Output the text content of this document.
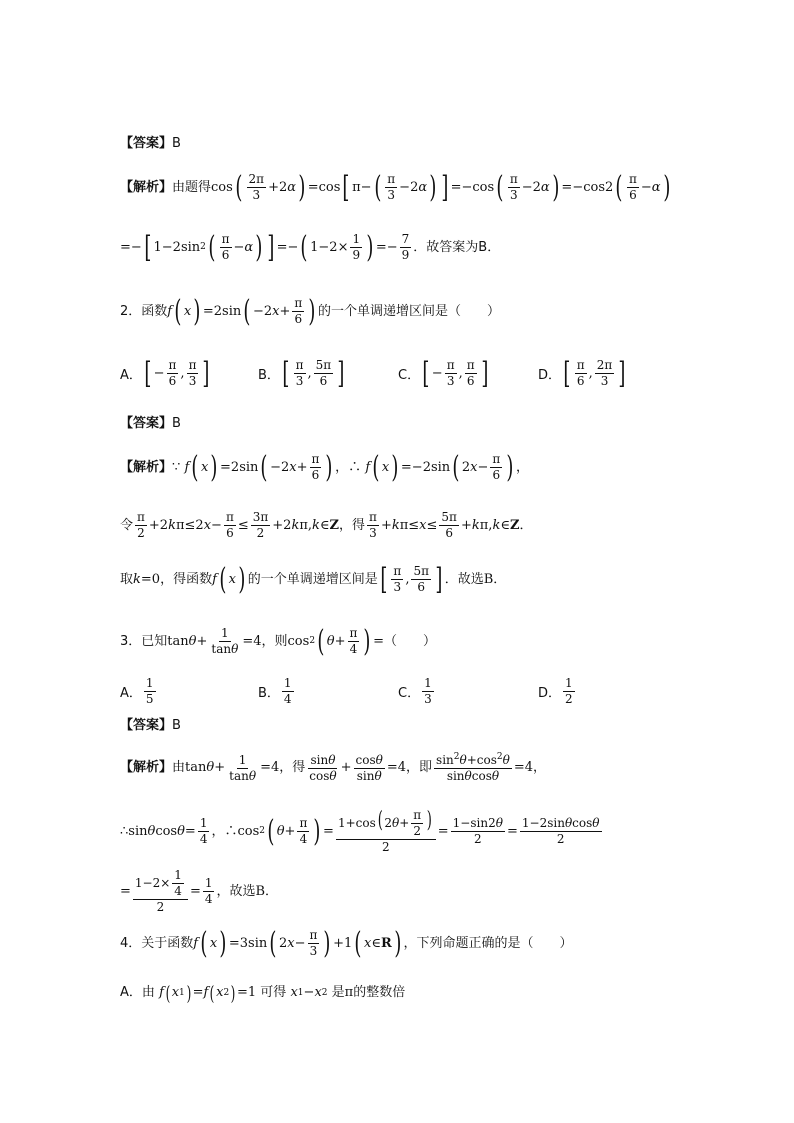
【答案】 B
【解析】 由题得 cos ( $\frac{2\pi}{3} +2$ α ) =cos [ π− ( $\frac{\pi}{3} -2$ α ) ] =−cos ( $\frac{\pi}{3} -2$ α ) =−cos2 ( $\frac{\pi}{6} - \alpha$ )
=− [ 1−2sin 2 ( $\frac{\pi}{6} - \alpha$ ) ] =− ( $1-2\times \frac{1}{9}$ ) =− $\frac{7}{9}$ ．故答案为 B．
2． 函数 f ( x ) =2sin ( −2 $x + \frac{\pi}{6}$ ) 的一个单调递增区间是（　　）
A． [ − $\frac{\pi}{6}$ , $\frac{\pi}{3}$ ]	B． [ $\frac{\pi}{3}$ , $\frac{5\pi}{6}$ ]	C． [ − $\frac{\pi}{3}$ , $\frac{\pi}{6}$ ]	D． [ $\frac{\pi}{6}$ , $\frac{2\pi}{3}$ ]
【答案】 B
【解析】 ∵
f ( x ) =2sin ( −2 $x + \frac{\pi}{6}$ ) ，∴
f ( x ) =−2sin ( 2 $x - \frac{\pi}{6}$ ) ，
令 $\frac{\pi}{2} +2$ k π≤2 $x - \frac{\pi}{6} \le \frac{3\pi}{2} +2$ k π, k ∈ Z ，得 $\frac{\pi}{3} + k$ $\pi\le x \le \frac{5\pi}{6} + k$ π, k ∈ Z ．
取 k =0 ，得函数 f ( x ) 的一个单调递增区间是 [ $\frac{\pi}{3}$ , $\frac{5\pi}{6}$ ] ．故选B．
3． 已知 $\tan \theta + \frac{1}{\tan\theta} =4$ ，则 cos 2 ( $\theta + \frac{\pi}{4}$ ) = （　　）
A． $\frac{1}{5}$	B． $\frac{1}{4}$	C． $\frac{1}{3}$	D． $\frac{1}{2}$
【答案】 B
【解析】 由 $\tan \theta + \frac{1}{\tan\theta} =4$ ，得 $\frac{\sin\theta}{\cos\theta} + \frac{\cos\theta}{\sin\theta} =4$ ，即 $\frac{\sin^2\theta+\cos^2\theta}{\sin\theta\cos\theta} =4$，
∴sin θ $\cos \theta = \frac{1}{4}$ ，∴cos 2 ( $\theta + \frac{\pi}{4}$ ) = $\frac{1+\cos( 2\theta+ \frac{\pi}{2} )}{2} = \frac{1-\sin 2\theta}{2} = \frac{1-2\sin\theta\cos\theta}{2}$
= $\frac{1-2\times \frac{1}{4}}{2} = \frac{1}{4}$ ，故选B．
4． 关于函数 f ( x ) =3sin ( 2 $x - \frac{\pi}{3}$ ) +1 ( x ∈ R ) ，下列命题正确的是（　　）
A． 由
f ( x 1 ) = f ( x 2 ) =1 可得
x 1 − x 2
是π的整数倍
